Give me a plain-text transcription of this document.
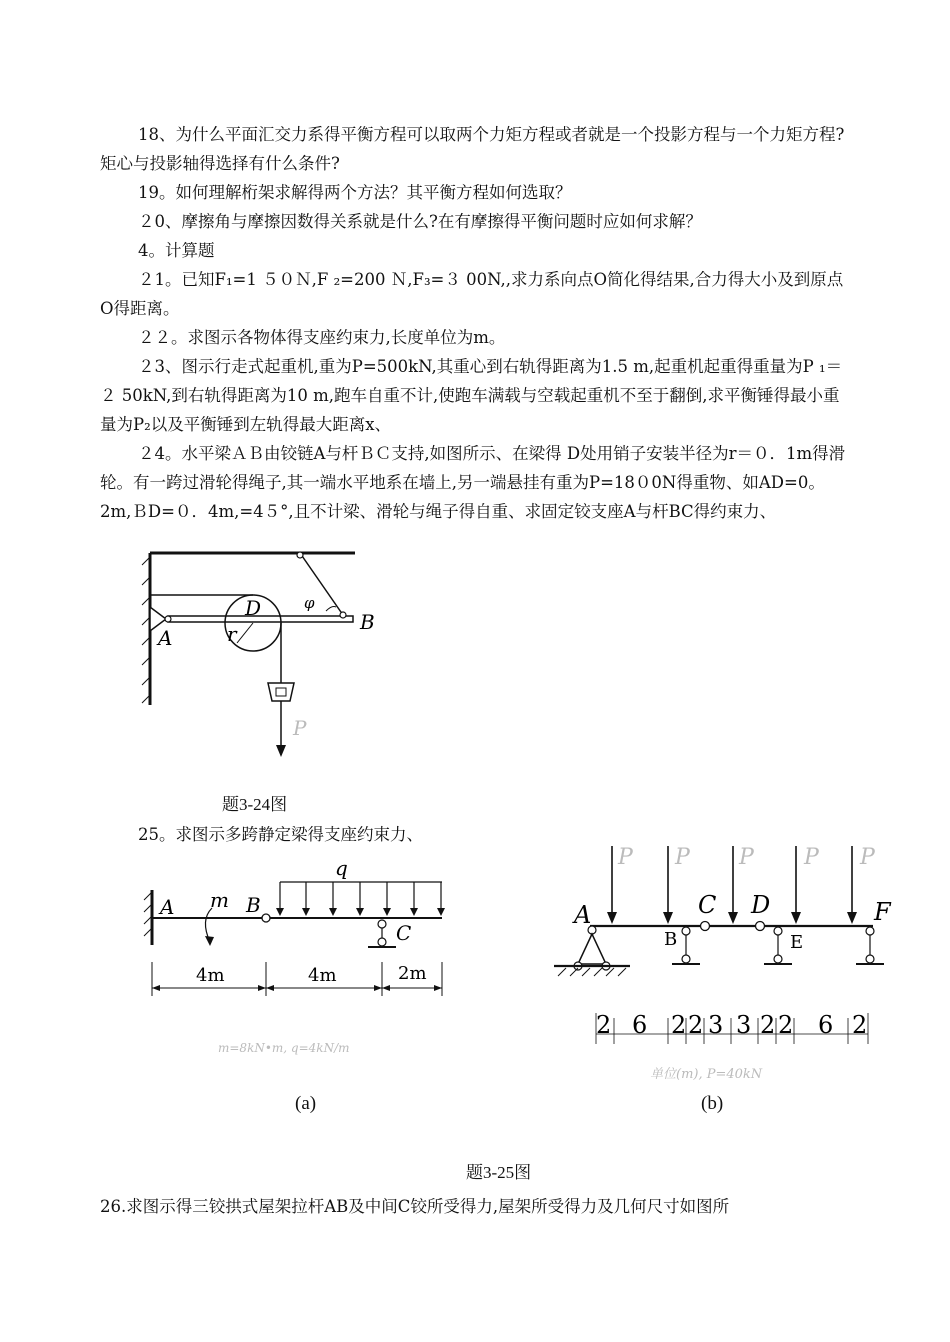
18、为什么平面汇交力系得平衡方程可以取两个力矩方程或者就是一个投影方程与一个力矩方程?矩心与投影轴得选择有什么条件?

19。如何理解桁架求解得两个方法？其平衡方程如何选取？

２0、摩擦角与摩擦因数得关系就是什么?在有摩擦得平衡问题时应如何求解？

4。计算题

２1。已知F₁=1 ５０Ｎ,F ₂=200 Ｎ,F₃=３ 00N,,求力系向点O简化得结果,合力得大小及到原点O得距离。

２２。求图示各物体得支座约束力,长度单位为m。

２3、图示行走式起重机,重为P=500kN,其重心到右轨得距离为1.5 m,起重机起重得重量为P ₁＝２ 50kN,到右轨得距离为10 m,跑车自重不计,使跑车满载与空载起重机不至于翻倒,求平衡锤得最小重量为P₂以及平衡锤到左轨得最大距离x、

２4。水平梁ＡＢ由铰链A与杆ＢＣ支持,如图所示、在梁得 D处用销子安装半径为r＝０．1m得滑轮。有一跨过滑轮得绳子,其一端水平地系在墙上,另一端悬挂有重为P=18０0N得重物、如AD=0。2m,ＢD=０．4m,=4５°,且不计梁、滑轮与绳子得自重、求固定铰支座A与杆BC得约束力、

D	φ
A	r	B
P
题3-24图

25。求图示多跨静定梁得支座约束力、

q
A m B
C
4m	4m	2m
m=8kN•m, q=4kN/m
P P P P P
A
B
C D
E
F
2 6 2 2 3 3 2 2 6 2
单位(m), P=40kN
(a)	(b)
题3-25图

26.求图示得三铰拱式屋架拉杆AB及中间C铰所受得力,屋架所受得力及几何尺寸如图所
